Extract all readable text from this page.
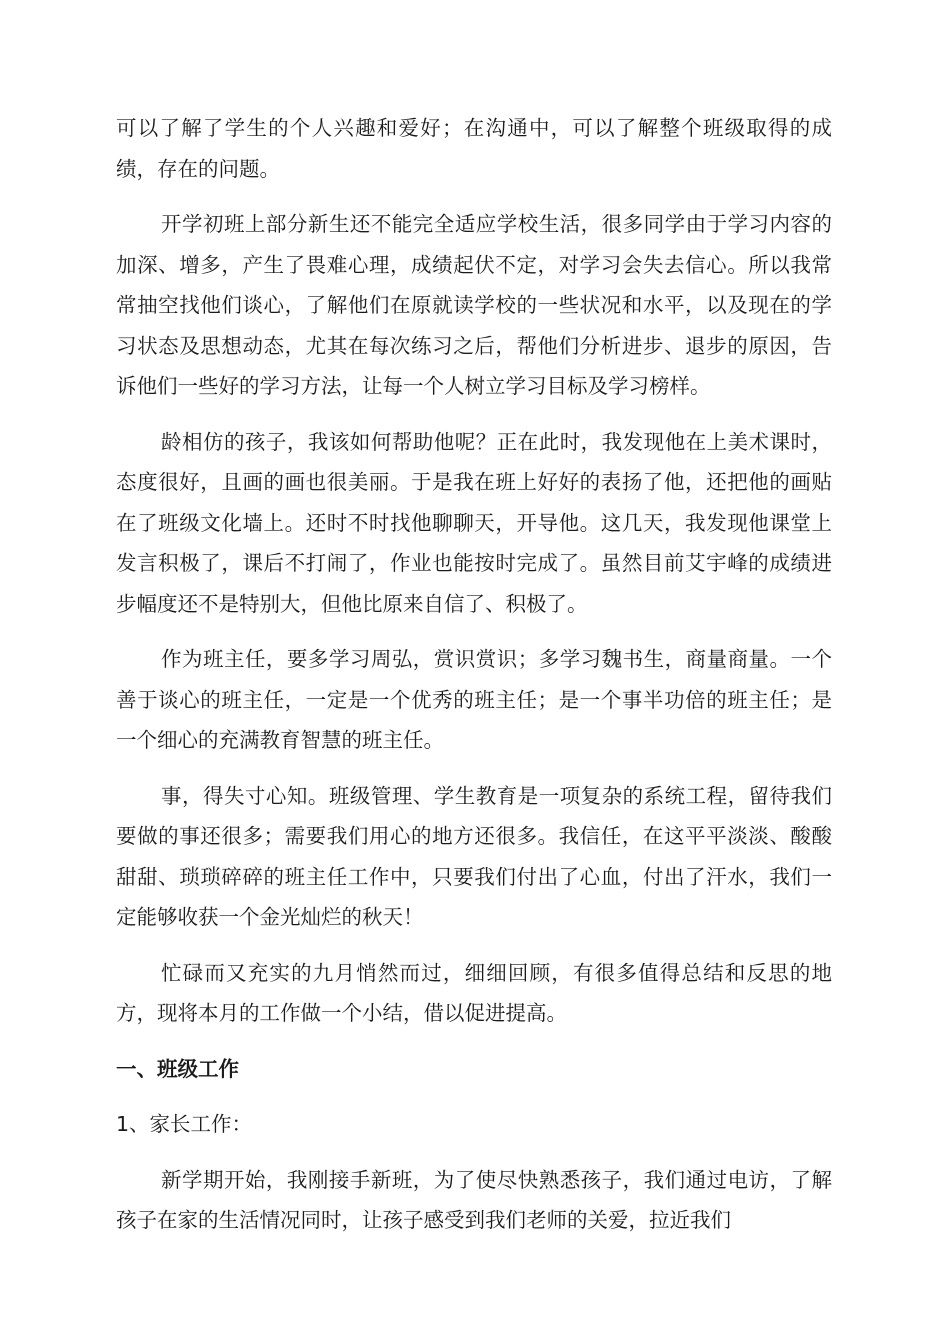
可以了解了学生的个人兴趣和爱好；在沟通中，可以了解整个班级取得的成绩，存在的问题。

开学初班上部分新生还不能完全适应学校生活，很多同学由于学习内容的加深、增多，产生了畏难心理，成绩起伏不定，对学习会失去信心。所以我常常抽空找他们谈心，了解他们在原就读学校的一些状况和水平，以及现在的学习状态及思想动态，尤其在每次练习之后，帮他们分析进步、退步的原因，告诉他们一些好的学习方法，让每一个人树立学习目标及学习榜样。

龄相仿的孩子，我该如何帮助他呢？正在此时，我发现他在上美术课时，态度很好，且画的画也很美丽。于是我在班上好好的表扬了他，还把他的画贴在了班级文化墙上。还时不时找他聊聊天，开导他。这几天，我发现他课堂上发言积极了，课后不打闹了，作业也能按时完成了。虽然目前艾宇峰的成绩进步幅度还不是特别大，但他比原来自信了、积极了。

作为班主任，要多学习周弘，赏识赏识；多学习魏书生，商量商量。一个善于谈心的班主任，一定是一个优秀的班主任；是一个事半功倍的班主任；是一个细心的充满教育智慧的班主任。

事，得失寸心知。班级管理、学生教育是一项复杂的系统工程，留待我们要做的事还很多；需要我们用心的地方还很多。我信任，在这平平淡淡、酸酸甜甜、琐琐碎碎的班主任工作中，只要我们付出了心血，付出了汗水，我们一定能够收获一个金光灿烂的秋天！

忙碌而又充实的九月悄然而过，细细回顾，有很多值得总结和反思的地方，现将本月的工作做一个小结，借以促进提高。

一、班级工作

1、家长工作：

新学期开始，我刚接手新班，为了使尽快熟悉孩子，我们通过电访，了解孩子在家的生活情况同时，让孩子感受到我们老师的关爱，拉近我们
